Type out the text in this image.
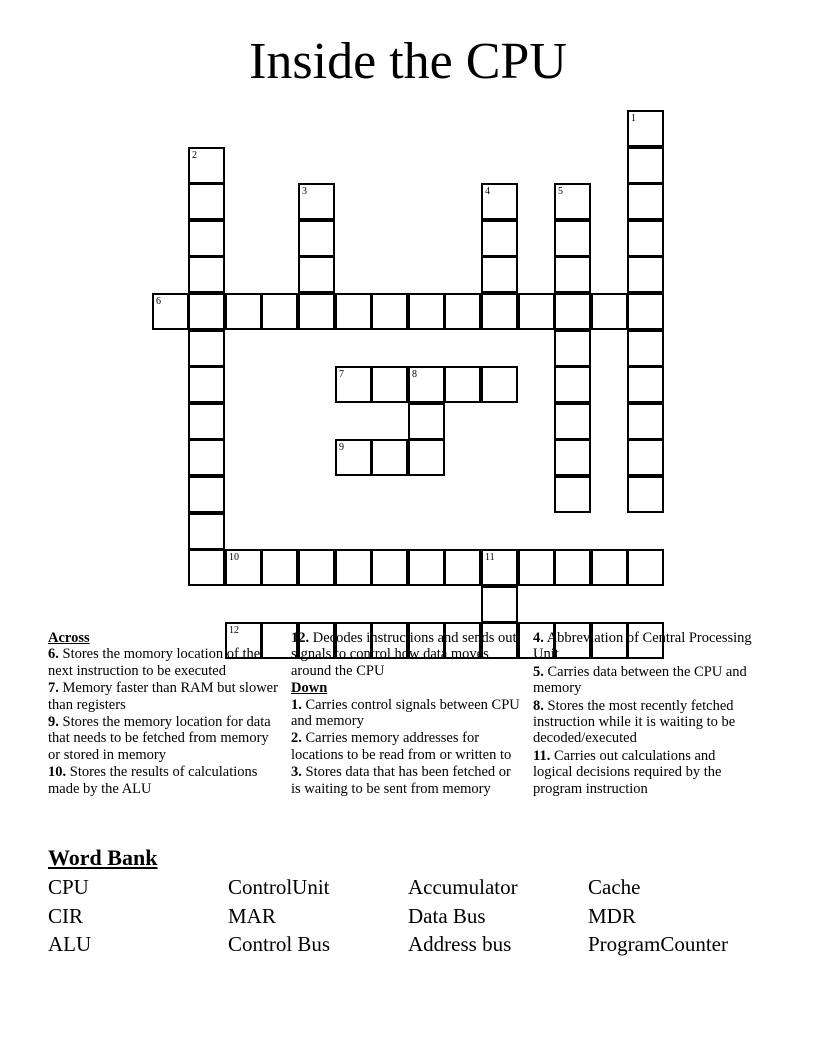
Inside the CPU
6
1
2
3	4	5
7	8
9
10	11
12
Across
6. Stores the momory location of the next instruction to be executed
7. Memory faster than RAM but slower than registers
9. Stores the memory location for data that needs to be fetched from memory or stored in memory
10. Stores the results of calculations made by the ALU
12. Decodes instructions and sends out signals to control how data moves around the CPU
Down
1. Carries control signals between CPU and memory
2. Carries memory addresses for locations to be read from or written to
3. Stores data that has been fetched or is waiting to be sent from memory
4. Abbreviation of Central Processing Unit
5. Carries data between the CPU and memory
8. Stores the most recently fetched instruction while it is waiting to be decoded/executed
11. Carries out calculations and logical decisions required by the program instruction
Word Bank
CPU	ControlUnit	Accumulator	Cache
CIR	MAR	Data Bus	MDR
ALU	Control Bus	Address bus	ProgramCounter
